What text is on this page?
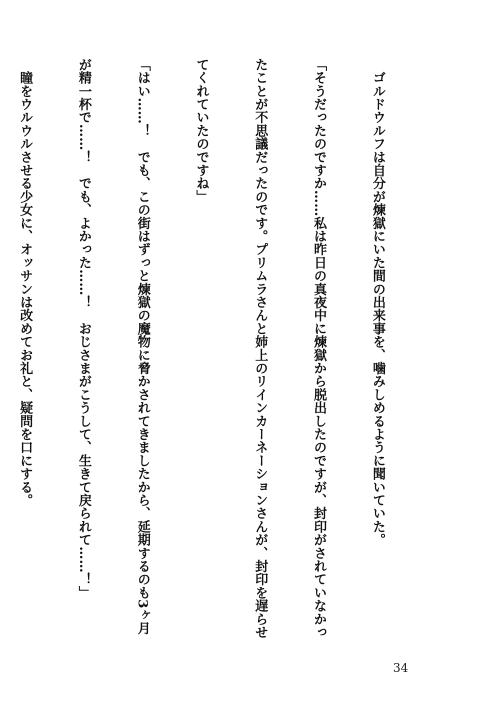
　ゴルドウルフは自分が煉獄にいた間の出来事を、噛みしめるように聞いていた。

「そうだったのですか……私は昨日の真夜中に煉獄から脱出したのですが、封印がされていなかっ

たことが不思議だったのです。プリムラさんと姉上のリインカーネーションさんが、封印を遅らせ

てくれていたのですね」

「はい……！　でも、この街はずっと煉獄の魔物に脅かされてきましたから、延期するのも3ヶ月

が精一杯で……！　でも、よかった……！　おじさまがこうして、生きて戻られて……！」

　瞳をウルウルさせる少女に、オッサンは改めてお礼と、疑問を口にする。

34
